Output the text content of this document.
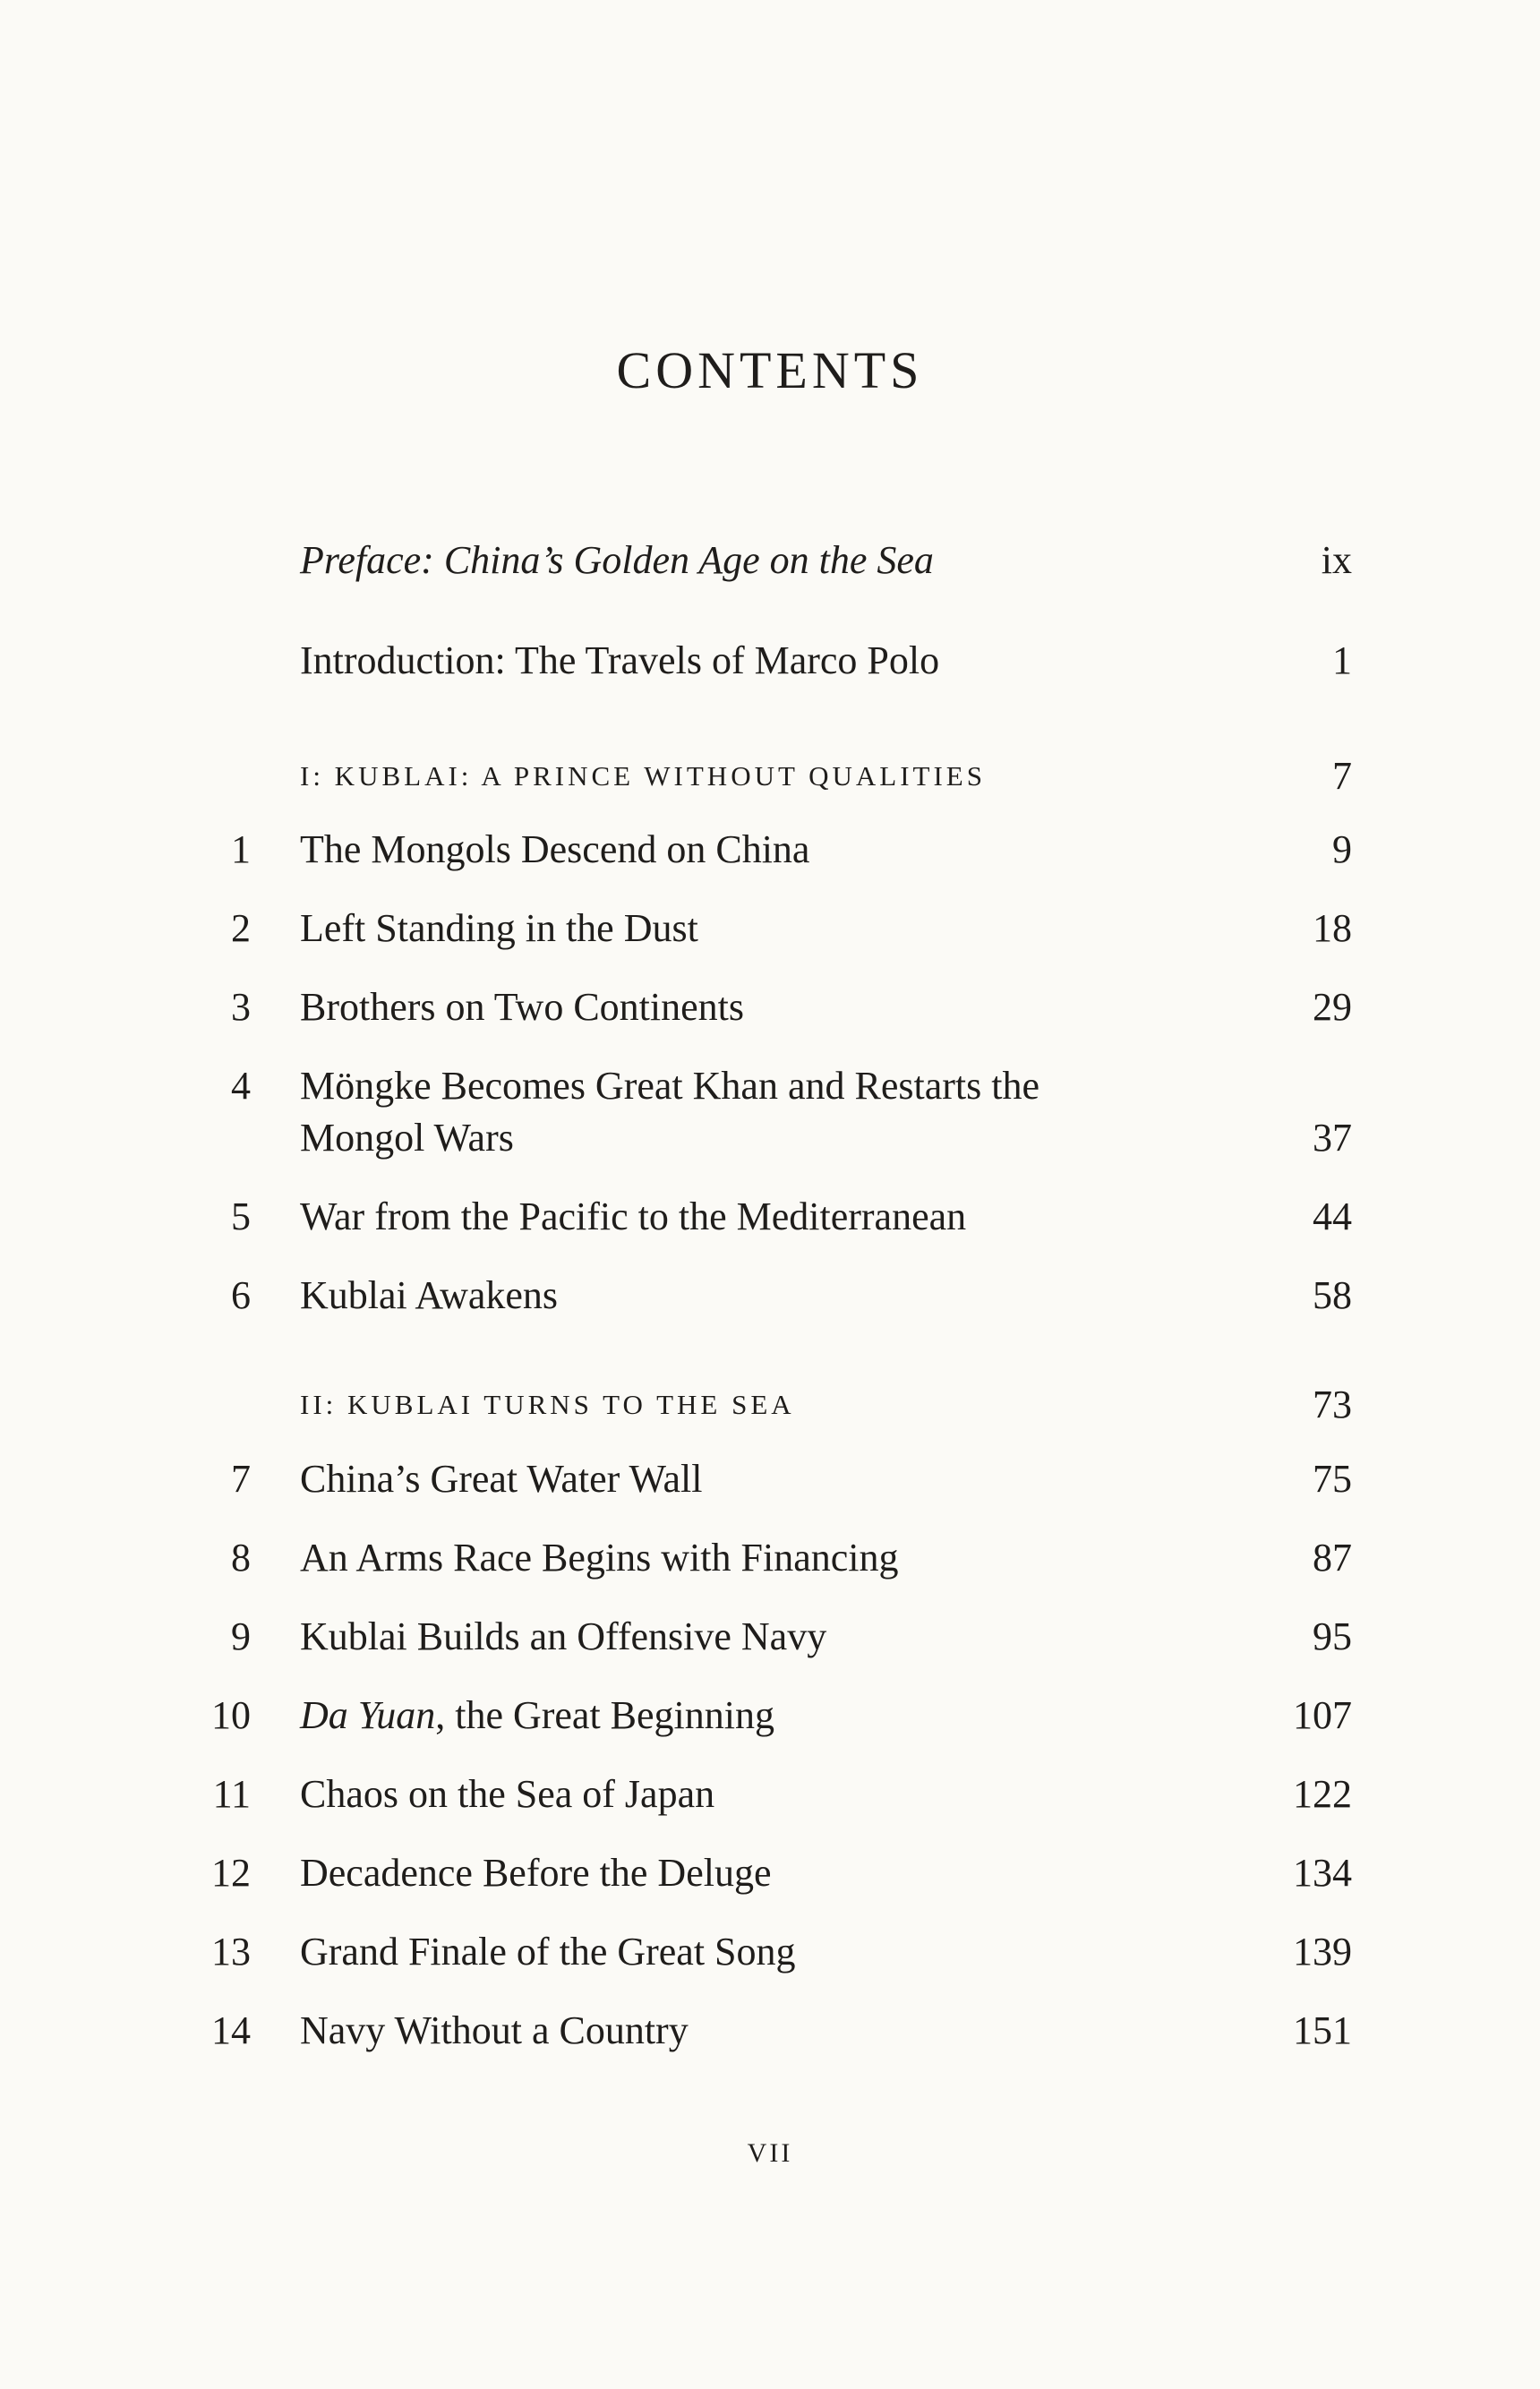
CONTENTS
Preface: China’s Golden Age on the Sea	ix
Introduction: The Travels of Marco Polo	1
I: KUBLAI: A PRINCE WITHOUT QUALITIES	7
1 The Mongols Descend on China	9
2 Left Standing in the Dust	18
3 Brothers on Two Continents	29
4 Möngke Becomes Great Khan and Restarts the
Mongol Wars	37
5 War from the Pacific to the Mediterranean	44
6 Kublai Awakens	58
II: KUBLAI TURNS TO THE SEA	73
7 China’s Great Water Wall	75
8 An Arms Race Begins with Financing	87
9 Kublai Builds an Offensive Navy	95
10 Da Yuan, the Great Beginning	107
11 Chaos on the Sea of Japan	122
12 Decadence Before the Deluge	134
13 Grand Finale of the Great Song	139
14 Navy Without a Country	151
VII
